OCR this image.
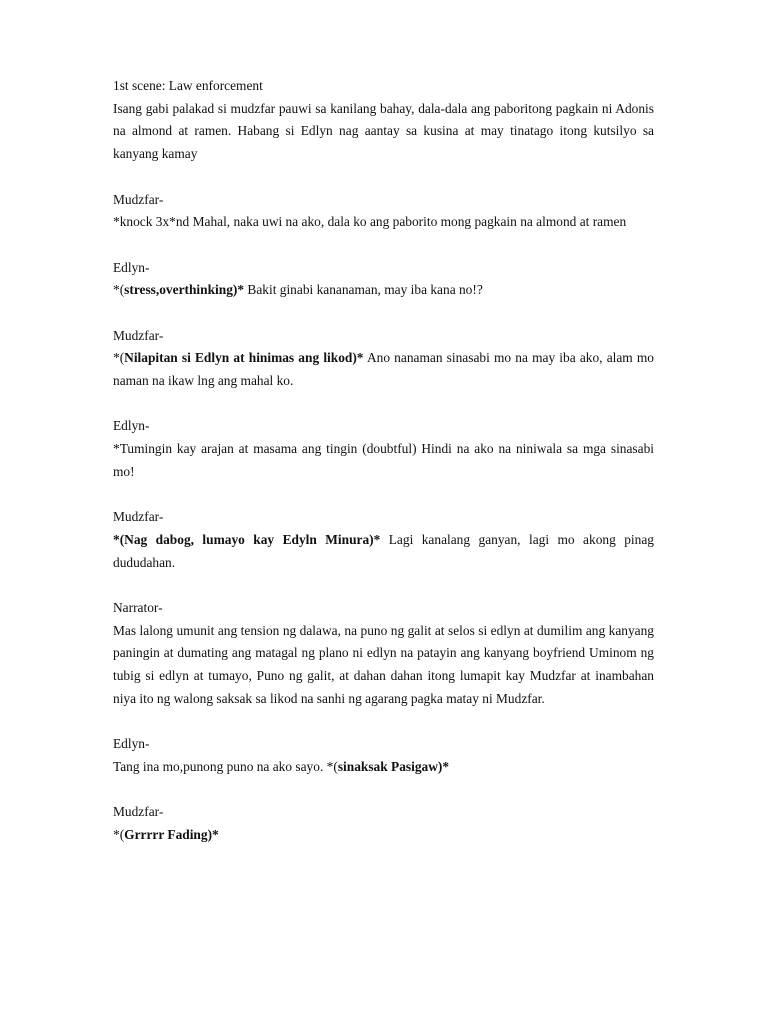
1st scene: Law enforcement

Isang gabi palakad si mudzfar pauwi sa kanilang bahay, dala-dala ang paboritong pagkain ni Adonis na almond at ramen. Habang si Edlyn nag aantay sa kusina at may tinatago itong kutsilyo sa kanyang kamay

Mudzfar-

*knock 3x*nd Mahal, naka uwi na ako, dala ko ang paborito mong pagkain na almond at ramen

Edlyn-

*(stress,overthinking)* Bakit ginabi kananaman, may iba kana no!?

Mudzfar-

*(Nilapitan si Edlyn at hinimas ang likod)* Ano nanaman sinasabi mo na may iba ako, alam mo naman na ikaw lng ang mahal ko.

Edlyn-

*Tumingin kay arajan at masama ang tingin (doubtful) Hindi na ako na niniwala sa mga sinasabi mo!

Mudzfar-

*(Nag dabog, lumayo kay Edyln Minura)* Lagi kanalang ganyan, lagi mo akong pinag dududahan.

Narrator-

Mas lalong umunit ang tension ng dalawa, na puno ng galit at selos si edlyn at dumilim ang kanyang paningin at dumating ang matagal ng plano ni edlyn na patayin ang kanyang boyfriend Uminom ng tubig si edlyn at tumayo, Puno ng galit, at dahan dahan itong lumapit kay Mudzfar at inambahan niya ito ng walong saksak sa likod na sanhi ng agarang pagka matay ni Mudzfar.

Edlyn-

Tang ina mo,punong puno na ako sayo. *(sinaksak Pasigaw)*

Mudzfar-

*(Grrrrr Fading)*
